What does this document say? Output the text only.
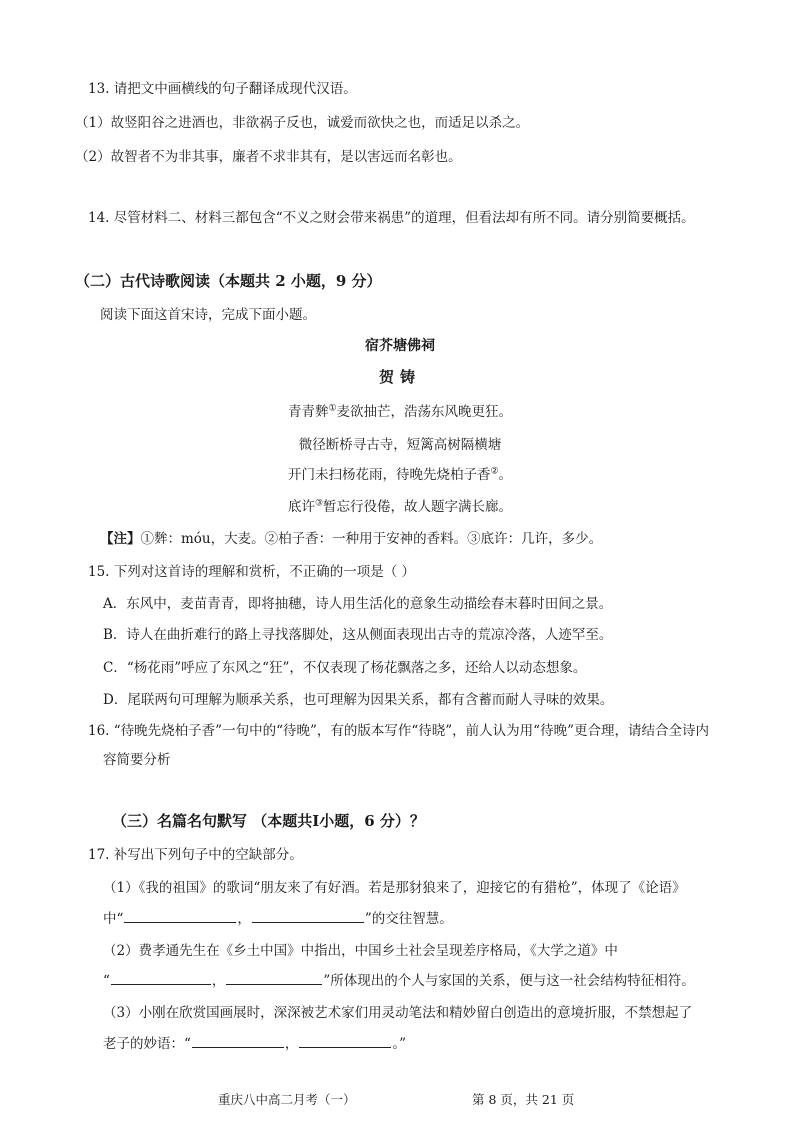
13. 请把文中画横线的句子翻译成现代汉语。
（1）故竖阳谷之进酒也，非欲祸子反也，诚爱而欲快之也，而适足以杀之。
（2）故智者不为非其事，廉者不求非其有，是以害远而名彰也。
14. 尽管材料二、材料三都包含“不义之财会带来祸患”的道理，但看法却有所不同。请分别简要概括。
（二）古代诗歌阅读（本题共 2 小题，9 分）
阅读下面这首宋诗，完成下面小题。
宿芥塘佛祠
贺铸
青青麰①麦欲抽芒，浩荡东风晚更狂。
微径断桥寻古寺，短篱高树隔横塘
开门未扫杨花雨，待晚先烧柏子香②。
底许③暂忘行役倦，故人题字满长廊。
【注】①麰：móu，大麦。②柏子香：一种用于安神的香料。③底许：几许，多少。
15. 下列对这首诗的理解和赏析，不正确的一项是（ ）
A．东风中，麦苗青青，即将抽穗，诗人用生活化的意象生动描绘春末暮时田间之景。
B．诗人在曲折难行的路上寻找落脚处，这从侧面表现出古寺的荒凉冷落，人迹罕至。
C．“杨花雨”呼应了东风之“狂”，不仅表现了杨花飘落之多，还给人以动态想象。
D．尾联两句可理解为顺承关系，也可理解为因果关系，都有含蓄而耐人寻味的效果。
16. “待晚先烧柏子香”一句中的“待晚”，有的版本写作“待晓”，前人认为用“待晚”更合理，请结合全诗内
容简要分析
（三）名篇名句默写 （本题共I小题，6 分）？
17. 补写出下列句子中的空缺部分。
（1）《我的祖国》的歌词“朋友来了有好酒。若是那豺狼来了，迎接它的有猎枪”，体现了《论语》
中“	，	”的交往智慧。
（2）费孝通先生在《乡土中国》中指出，中国乡土社会呈现差序格局，《大学之道》中
“	，	”所体现出的个人与家国的关系，便与这一社会结构特征相符。
（3）小刚在欣赏国画展时，深深被艺术家们用灵动笔法和精妙留白创造出的意境折服，不禁想起了
老子的妙语：“	，	。”
重庆八中高二月考（一）	第 8 页，共 21 页
